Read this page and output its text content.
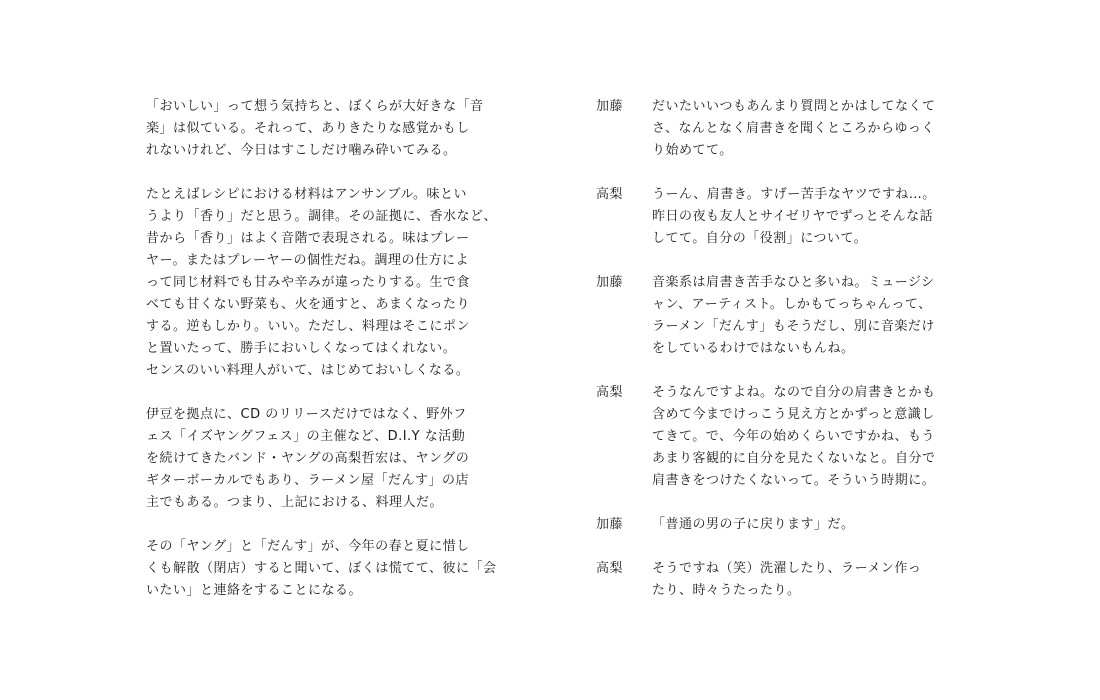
「おいしい」って想う気持ちと、ぼくらが大好きな「音
楽」は似ている。それって、ありきたりな感覚かもし
れないけれど、今日はすこしだけ噛み砕いてみる。

たとえばレシピにおける材料はアンサンブル。味とい
うより「香り」だと思う。調律。その証拠に、香水など、
昔から「香り」はよく音階で表現される。味はプレー
ヤー。またはプレーヤーの個性だね。調理の仕方によ
って同じ材料でも甘みや辛みが違ったりする。生で食
べても甘くない野菜も、火を通すと、あまくなったり
する。逆もしかり。いい。ただし、料理はそこにポン
と置いたって、勝手においしくなってはくれない。
センスのいい料理人がいて、はじめておいしくなる。

伊豆を拠点に、CD のリリースだけではなく、野外フ
ェス「イズヤングフェス」の主催など、D.I.Y な活動
を続けてきたバンド・ヤングの高梨哲宏は、ヤングの
ギターボーカルでもあり、ラーメン屋「だんす」の店
主でもある。つまり、上記における、料理人だ。

その「ヤング」と「だんす」が、今年の春と夏に惜し
くも解散（閉店）すると聞いて、ぼくは慌てて、彼に「会
いたい」と連絡をすることになる。

加藤	だいたいいつもあんまり質問とかはしてなくて
さ、なんとなく肩書きを聞くところからゆっく
り始めてて。
高梨	うーん、肩書き。すげー苦手なヤツですね…。
昨日の夜も友人とサイゼリヤでずっとそんな話
してて。自分の「役割」について。
加藤	音楽系は肩書き苦手なひと多いね。ミュージシ
ャン、アーティスト。しかもてっちゃんって、
ラーメン「だんす」もそうだし、別に音楽だけ
をしているわけではないもんね。
高梨	そうなんですよね。なので自分の肩書きとかも
含めて今までけっこう見え方とかずっと意識し
てきて。で、今年の始めくらいですかね、もう
あまり客観的に自分を見たくないなと。自分で
肩書きをつけたくないって。そういう時期に。
加藤	「普通の男の子に戻ります」だ。
高梨	そうですね（笑）洗濯したり、ラーメン作っ
たり、時々うたったり。
